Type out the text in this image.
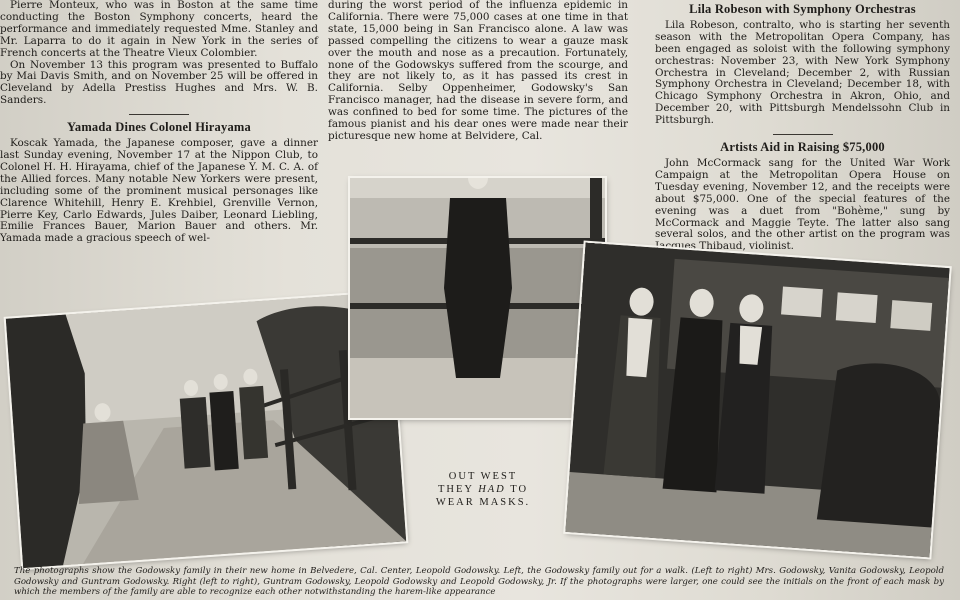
Pierre Monteux, who was in Boston at the same time conducting the Boston Symphony concerts, heard the performance and immediately requested Mme. Stanley and Mr. Laparra to do it again in New York in the series of French concerts at the Theatre Vieux Colombier.

On November 13 this program was presented to Buffalo by Mai Davis Smith, and on November 25 will be offered in Cleveland by Adella Prestiss Hughes and Mrs. W. B. Sanders.

Yamada Dines Colonel Hirayama

Koscak Yamada, the Japanese composer, gave a dinner last Sunday evening, November 17 at the Nippon Club, to Colonel H. H. Hirayama, chief of the Japanese Y. M. C. A. of the Allied forces. Many notable New Yorkers were present, including some of the prominent musical personages like Clarence Whitehill, Henry E. Krehbiel, Grenville Vernon, Pierre Key, Carlo Edwards, Jules Daiber, Leonard Liebling, Emilie Frances Bauer, Marion Bauer and others. Mr. Yamada made a gracious speech of wel-

during the worst period of the influenza epidemic in California. There were 75,000 cases at one time in that state, 15,000 being in San Francisco alone. A law was passed compelling the citizens to wear a gauze mask over the mouth and nose as a precaution. Fortunately, none of the Godowskys suffered from the scourge, and they are not likely to, as it has passed its crest in California. Selby Oppenheimer, Godowsky's San Francisco manager, had the disease in severe form, and was confined to bed for some time. The pictures of the famous pianist and his dear ones were made near their picturesque new home at Belvidere, Cal.

Lila Robeson with Symphony Orchestras

Lila Robeson, contralto, who is starting her seventh season with the Metropolitan Opera Company, has been engaged as soloist with the following symphony orchestras: November 23, with New York Symphony Orchestra in Cleveland; December 2, with Russian Symphony Orchestra in Cleveland; December 18, with Chicago Symphony Orchestra in Akron, Ohio, and December 20, with Pittsburgh Mendelssohn Club in Pittsburgh.

Artists Aid in Raising $75,000

John McCormack sang for the United War Work Campaign at the Metropolitan Opera House on Tuesday evening, November 12, and the receipts were about $75,000. One of the special features of the evening was a duet from "Bohème," sung by McCormack and Maggie Teyte. The latter also sang several solos, and the other artist on the program was Jacques Thibaud, violinist.

OUT WEST
THEY HAD TO
WEAR MASKS.
The photographs show the Godowsky family in their new home in Belvedere, Cal. Center, Leopold Godowsky. Left, the Godowsky family out for a walk. (Left to right) Mrs. Godowsky, Vanita Godowsky, Leopold Godowsky and Guntram Godowsky. Right (left to right), Guntram Godowsky, Leopold Godowsky and Leopold Godowsky, Jr. If the photographs were larger, one could see the initials on the front of each mask by which the members of the family are able to recognize each other notwithstanding the harem-like appearance
